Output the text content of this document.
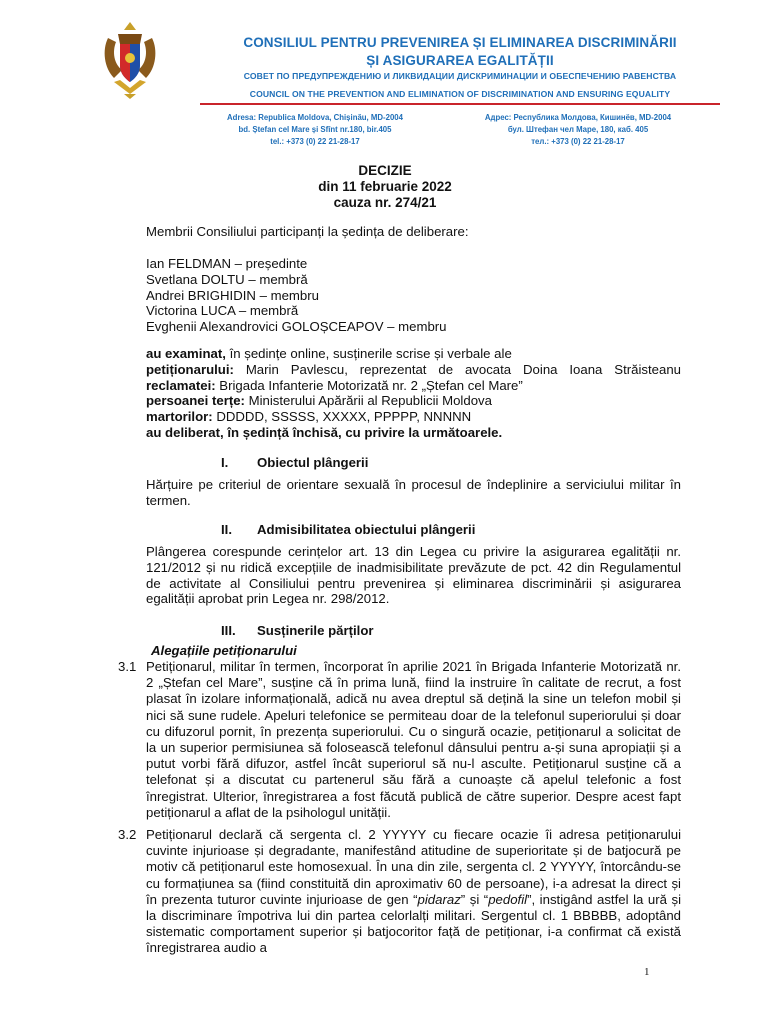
CONSILIUL PENTRU PREVENIREA ȘI ELIMINAREA DISCRIMINĂRII
ȘI ASIGURAREA EGALITĂȚII
СОВЕТ ПО ПРЕДУПРЕЖДЕНИЮ И ЛИКВИДАЦИИ ДИСКРИМИНАЦИИ И ОБЕСПЕЧЕНИЮ РАВЕНСТВА
COUNCIL ON THE PREVENTION AND ELIMINATION OF DISCRIMINATION AND ENSURING EQUALITY
Adresa: Republica Moldova, Chișinău, MD-2004
bd. Ștefan cel Mare și Sfînt nr.180, bir.405
tel.: +373 (0) 22 21-28-17
Адрес: Республика Молдова, Кишинёв, MD-2004
бул. Штефан чел Маре, 180, каб. 405
тел.: +373 (0) 22 21-28-17
DECIZIE
din 11 februarie 2022
cauza nr. 274/21
Membrii Consiliului participanți la ședința de deliberare:
Ian FELDMAN – președinte
Svetlana DOLTU – membră
Andrei BRIGHIDIN – membru
Victorina LUCA – membră
Evghenii Alexandrovici GOLOȘCEAPOV – membru
au examinat, în ședințe online, susținerile scrise și verbale ale
petiționarului: Marin Pavlescu, reprezentat de avocata Doina Ioana Străisteanu
reclamatei: Brigada Infanterie Motorizată nr. 2 „Ștefan cel Mare”
persoanei terțe: Ministerului Apărării al Republicii Moldova
martorilor: DDDDD, SSSSS, XXXXX, PPPPP, NNNNN
au deliberat, în ședință închisă, cu privire la următoarele.
I. Obiectul plângerii
Hărțuire pe criteriul de orientare sexuală în procesul de îndeplinire a serviciului militar în termen.
II. Admisibilitatea obiectului plângerii
Plângerea corespunde cerințelor art. 13 din Legea cu privire la asigurarea egalității nr. 121/2012 și nu ridică excepțiile de inadmisibilitate prevăzute de pct. 42 din Regulamentul de activitate al Consiliului pentru prevenirea și eliminarea discriminării și asigurarea egalității aprobat prin Legea nr. 298/2012.
III. Susținerile părților
Alegațiile petiționarului
3.1 Petiționarul, militar în termen, încorporat în aprilie 2021 în Brigada Infanterie Motorizată nr. 2 „Ștefan cel Mare”, susține că în prima lună, fiind la instruire în calitate de recrut, a fost plasat în izolare informațională, adică nu avea dreptul să dețină la sine un telefon mobil și nici să sune rudele. Apeluri telefonice se permiteau doar de la telefonul superiorului și doar cu difuzorul pornit, în prezența superiorului. Cu o singură ocazie, petiționarul a solicitat de la un superior permisiunea să folosească telefonul dânsului pentru a-și suna apropiații și a putut vorbi fără difuzor, astfel încât superiorul să nu-l asculte. Petiționarul susține că a telefonat și a discutat cu partenerul său fără a cunoaște că apelul telefonic a fost înregistrat. Ulterior, înregistrarea a fost făcută publică de către superior. Despre acest fapt petiționarul a aflat de la psihologul unității.
3.2 Petiționarul declară că sergenta cl. 2 YYYYY cu fiecare ocazie îi adresa petiționarului cuvinte injurioase și degradante, manifestând atitudine de superioritate și de batjocură pe motiv că petiționarul este homosexual. În una din zile, sergenta cl. 2 YYYYY, întorcându-se cu formațiunea sa (fiind constituită din aproximativ 60 de persoane), i-a adresat la direct și în prezenta tuturor cuvinte injurioase de gen “pidaraz” și “pedofil”, instigând astfel la ură și la discriminare împotriva lui din partea celorlalți militari. Sergentul cl. 1 BBBBB, adoptând sistematic comportament superior și batjocoritor față de petiționar, i-a confirmat că există înregistrarea audio a
1
